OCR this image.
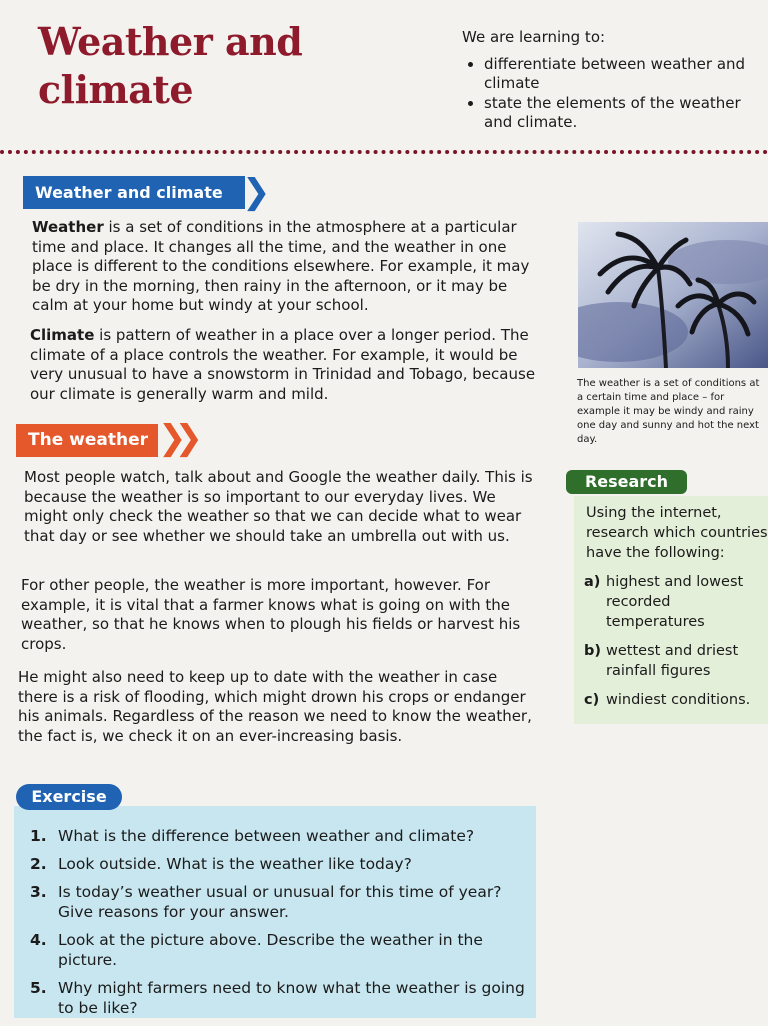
Weather and climate
We are learning to:
• differentiate between weather and climate
• state the elements of the weather and climate.
Weather and climate ❯
Weather is a set of conditions in the atmosphere at a particular time and place. It changes all the time, and the weather in one place is different to the conditions elsewhere. For example, it may be dry in the morning, then rainy in the afternoon, or it may be calm at your home but windy at your school.
Climate is pattern of weather in a place over a longer period. The climate of a place controls the weather. For example, it would be very unusual to have a snowstorm in Trinidad and Tobago, because our climate is generally warm and mild.
The weather is a set of conditions at a certain time and place – for example it may be windy and rainy one day and sunny and hot the next day.
The weather ❯❯
Most people watch, talk about and Google the weather daily. This is because the weather is so important to our everyday lives. We might only check the weather so that we can decide what to wear that day or see whether we should take an umbrella out with us.
For other people, the weather is more important, however. For example, it is vital that a farmer knows what is going on with the weather, so that he knows when to plough his fields or harvest his crops.
He might also need to keep up to date with the weather in case there is a risk of flooding, which might drown his crops or endanger his animals. Regardless of the reason we need to know the weather, the fact is, we check it on an ever-increasing basis.
Research
Using the internet, research which countries have the following:
a) highest and lowest recorded temperatures
b) wettest and driest rainfall figures
c) windiest conditions.
Exercise
1. What is the difference between weather and climate?
2. Look outside. What is the weather like today?
3. Is today’s weather usual or unusual for this time of year? Give reasons for your answer.
4. Look at the picture above. Describe the weather in the picture.
5. Why might farmers need to know what the weather is going to be like?
